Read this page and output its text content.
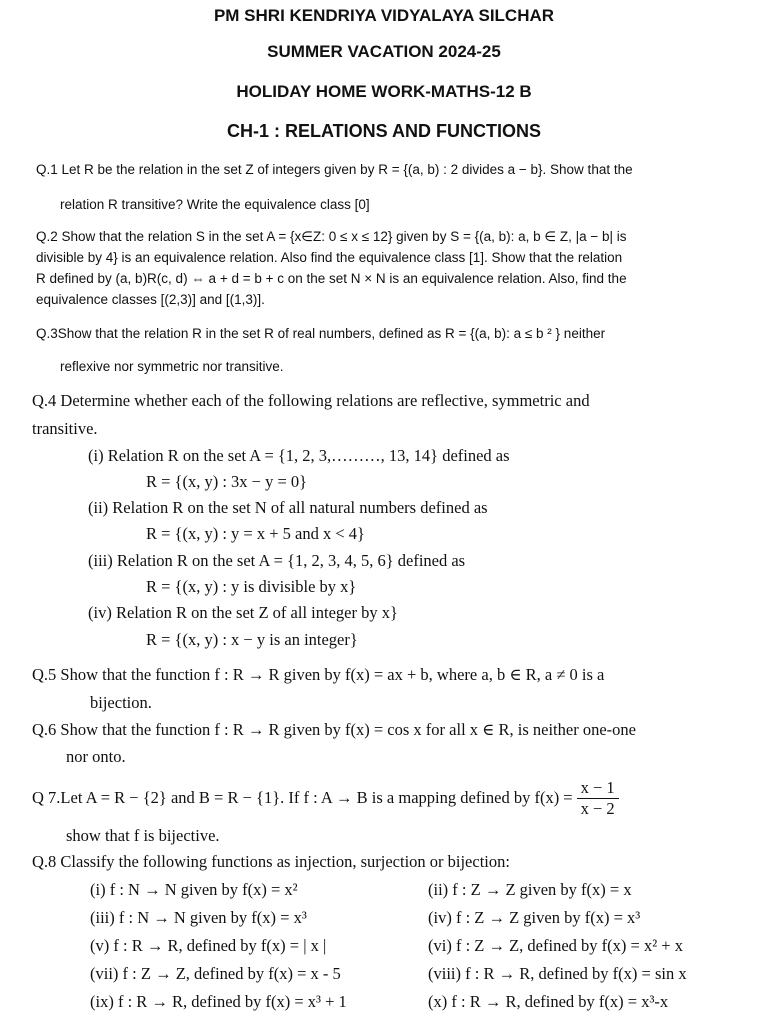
PM SHRI KENDRIYA VIDYALAYA SILCHAR
SUMMER VACATION 2024-25
HOLIDAY HOME WORK-MATHS-12 B
CH-1 : RELATIONS AND FUNCTIONS
Q.1 Let R be the relation in the set Z of integers given by R = {(a, b) : 2 divides a − b}. Show that the
relation R transitive? Write the equivalence class [0]
Q.2 Show that the relation S in the set A = {x∈Z: 0 ≤ x ≤ 12} given by S = {(a, b): a, b ∈ Z, |a − b| is
divisible by 4} is an equivalence relation. Also find the equivalence class [1]. Show that the relation
R defined by (a, b)R(c, d) ⇔ a + d = b + c on the set N × N is an equivalence relation. Also, find the
equivalence classes [(2,3)] and [(1,3)].
Q.3Show that the relation R in the set R of real numbers, defined as R = {(a, b): a ≤ b ² } neither
reflexive nor symmetric nor transitive.
Q.4 Determine whether each of the following relations are reflective, symmetric and
transitive.
(i) Relation R on the set A = {1, 2, 3,………, 13, 14} defined as
R = {(x, y) : 3x − y = 0}
(ii) Relation R on the set N of all natural numbers defined as
R = {(x, y) : y = x + 5 and x < 4}
(iii) Relation R on the set A = {1, 2, 3, 4, 5, 6} defined as
R = {(x, y) : y is divisible by x}
(iv) Relation R on the set Z of all integer by x}
R = {(x, y) : x − y is an integer}
Q.5 Show that the function f : R → R given by f(x) = ax + b, where a, b ∈ R, a ≠ 0 is a
bijection.
Q.6 Show that the function f : R → R given by f(x) = cos x for all x ∈ R, is neither one-one
nor onto.
Q 7.Let A = R − {2} and B = R − {1}. If f : A → B is a mapping defined by $f(x) = \frac{x - 1}{x - 2}$
show that f is bijective.
Q.8 Classify the following functions as injection, surjection or bijection:
(i) f : N → N given by f(x) = x²
(iii) f : N → N given by f(x) = x³
(v) f : R → R, defined by f(x) = | x |
(vii) f : Z → Z, defined by f(x) = x - 5
(ix) f : R → R, defined by f(x) = x³ + 1
(ii) f : Z → Z given by f(x) = x
(iv) f : Z → Z given by f(x) = x³
(vi) f : Z → Z, defined by f(x) = x² + x
(viii) f : R → R, defined by f(x) = sin x
(x) f : R → R, defined by f(x) = x³-x
